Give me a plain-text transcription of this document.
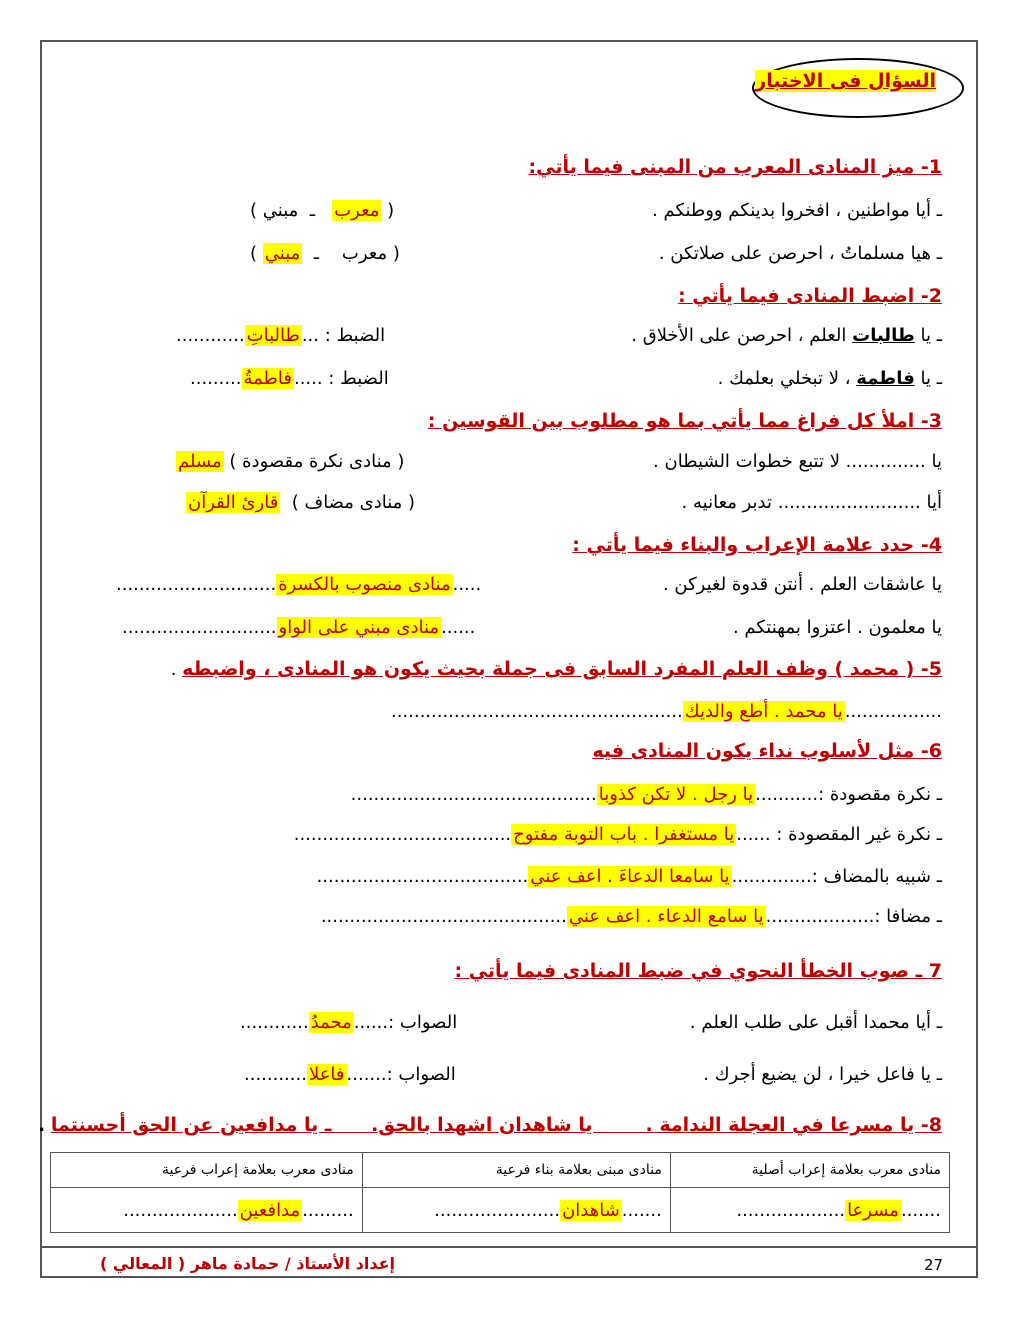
السؤال فى الاختبار
1- ميز المنادى المعرب من المبنى فيما يأتي:
ـ أيا مواطنين ، افخروا بدينكم ووطنكم .
( معرب   ـ  مبني )
ـ هيا مسلماتُ ، احرصن على صلاتكن .
( معرب    ـ  مبني )
2- اضبط المنادى فيما يأتي :
ـ يا طالبات العلم ، احرصن على الأخلاق .
الضبط : ...طالباتِ............
ـ يا فاطمة ، لا تبخلي بعلمك .
الضبط : .....فاطمةُ.........
3- املأ كل فراغ مما يأتي بما هو مطلوب بين القوسين :
يا .............. لا تتبع خطوات الشيطان .
( منادى نكرة مقصودة ) مسلم
أيا ......................... تدبر معانيه .
( منادى مضاف )  قارئ القرآن
4- حدد علامة الإعراب والبناء فيما يأتي :
يا عاشقات العلم . أنتن قدوة لغيركن .
.....منادى منصوب بالكسرة............................
يا معلمون . اعتزوا بمهنتكم .
......منادى مبني على الواو...........................
5- ( محمد ) وظف العلم المفرد السابق فى جملة بحيث يكون هو المنادى ، واضبطه .
.................يا محمد . أطع والديك...................................................
6- مثل لأسلوب نداء يكون المنادى فيه
ـ نكرة مقصودة :...........يا رجل . لا تكن كذوبا...........................................
ـ نكرة غير المقصودة : ......يا مستغفرا . باب التوبة مفتوح......................................
ـ شبيه بالمضاف :..............يا سامعا الدعاءَ . اعف عني.....................................
ـ مضافا :...................يا سامع الدعاء . اعف عني...........................................
7 ـ صوب الخطأ النحوي في ضبط المنادى فيما يأتي :
ـ أيا محمدا أقبل على طلب العلم .
الصواب :......محمدُ............
ـ يا فاعل خيرا ، لن يضيع أجرك .
الصواب :.......فاعلا...........
8- يا مسرعا في العجلة الندامة .        يا شاهدان اشهدا بالحق.      ـ يا مدافعين عن الحق أحسنتما .
منادى معرب بعلامة إعراب أصلية	منادى مبنى بعلامة بناء فرعية	منادى معرب بعلامة إعراب فرعية
.......مسرعا...................	.......شاهدان......................	.........مدافعين....................
إعداد الأستاذ / حمادة ماهر ( المعالي )	27
